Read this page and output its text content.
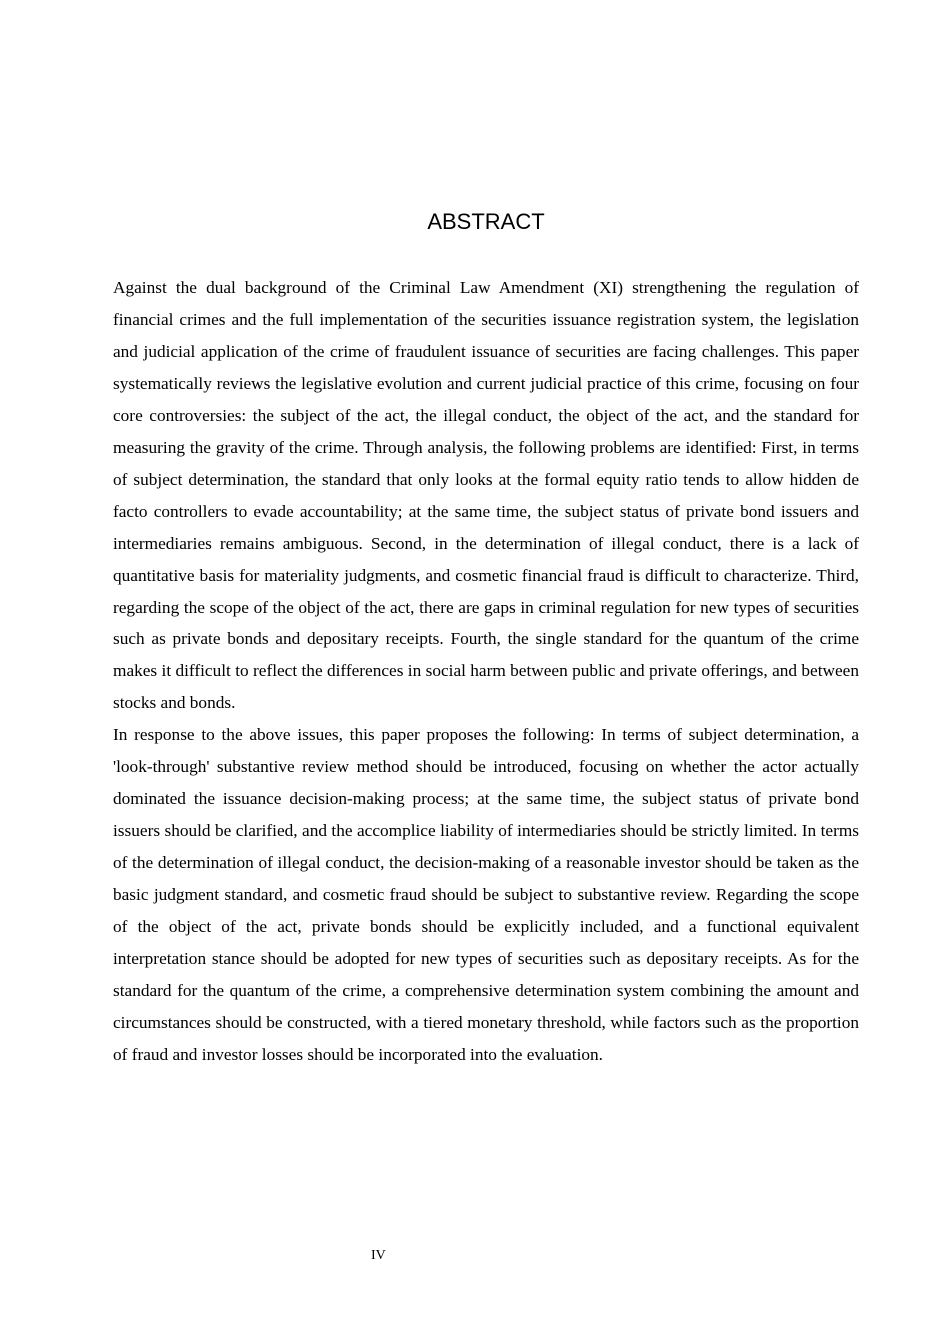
ABSTRACT

Against the dual background of the Criminal Law Amendment (XI) strengthening the regulation of financial crimes and the full implementation of the securities issuance registration system, the legislation and judicial application of the crime of fraudulent issuance of securities are facing challenges. This paper systematically reviews the legislative evolution and current judicial practice of this crime, focusing on four core controversies: the subject of the act, the illegal conduct, the object of the act, and the standard for measuring the gravity of the crime. Through analysis, the following problems are identified: First, in terms of subject determination, the standard that only looks at the formal equity ratio tends to allow hidden de facto controllers to evade accountability; at the same time, the subject status of private bond issuers and intermediaries remains ambiguous. Second, in the determination of illegal conduct, there is a lack of quantitative basis for materiality judgments, and cosmetic financial fraud is difficult to characterize. Third, regarding the scope of the object of the act, there are gaps in criminal regulation for new types of securities such as private bonds and depositary receipts. Fourth, the single standard for the quantum of the crime makes it difficult to reflect the differences in social harm between public and private offerings, and between stocks and bonds.

In response to the above issues, this paper proposes the following: In terms of subject determination, a 'look-through' substantive review method should be introduced, focusing on whether the actor actually dominated the issuance decision-making process; at the same time, the subject status of private bond issuers should be clarified, and the accomplice liability of intermediaries should be strictly limited. In terms of the determination of illegal conduct, the decision-making of a reasonable investor should be taken as the basic judgment standard, and cosmetic fraud should be subject to substantive review. Regarding the scope of the object of the act, private bonds should be explicitly included, and a functional equivalent interpretation stance should be adopted for new types of securities such as depositary receipts. As for the standard for the quantum of the crime, a comprehensive determination system combining the amount and circumstances should be constructed, with a tiered monetary threshold, while factors such as the proportion of fraud and investor losses should be incorporated into the evaluation.

IV
